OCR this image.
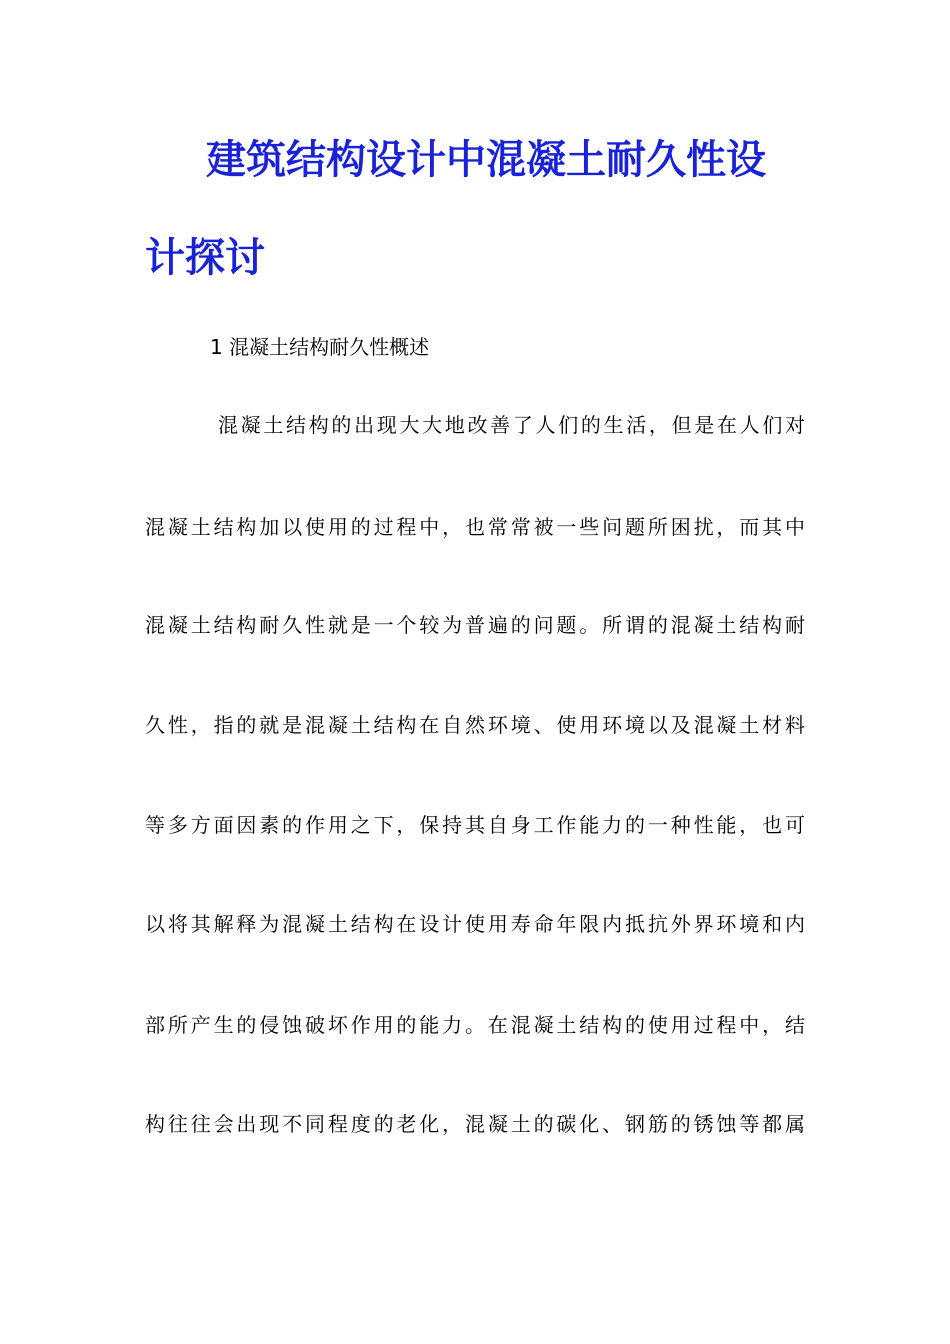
建筑结构设计中混凝土耐久性设
计探讨
1 混凝土结构耐久性概述
混凝土结构的出现大大地改善了人们的生活，但是在人们对
混凝土结构加以使用的过程中，也常常被一些问题所困扰，而其中
混凝土结构耐久性就是一个较为普遍的问题。所谓的混凝土结构耐
久性，指的就是混凝土结构在自然环境、使用环境以及混凝土材料
等多方面因素的作用之下，保持其自身工作能力的一种性能，也可
以将其解释为混凝土结构在设计使用寿命年限内抵抗外界环境和内
部所产生的侵蚀破坏作用的能力。在混凝土结构的使用过程中，结
构往往会出现不同程度的老化，混凝土的碳化、钢筋的锈蚀等都属
